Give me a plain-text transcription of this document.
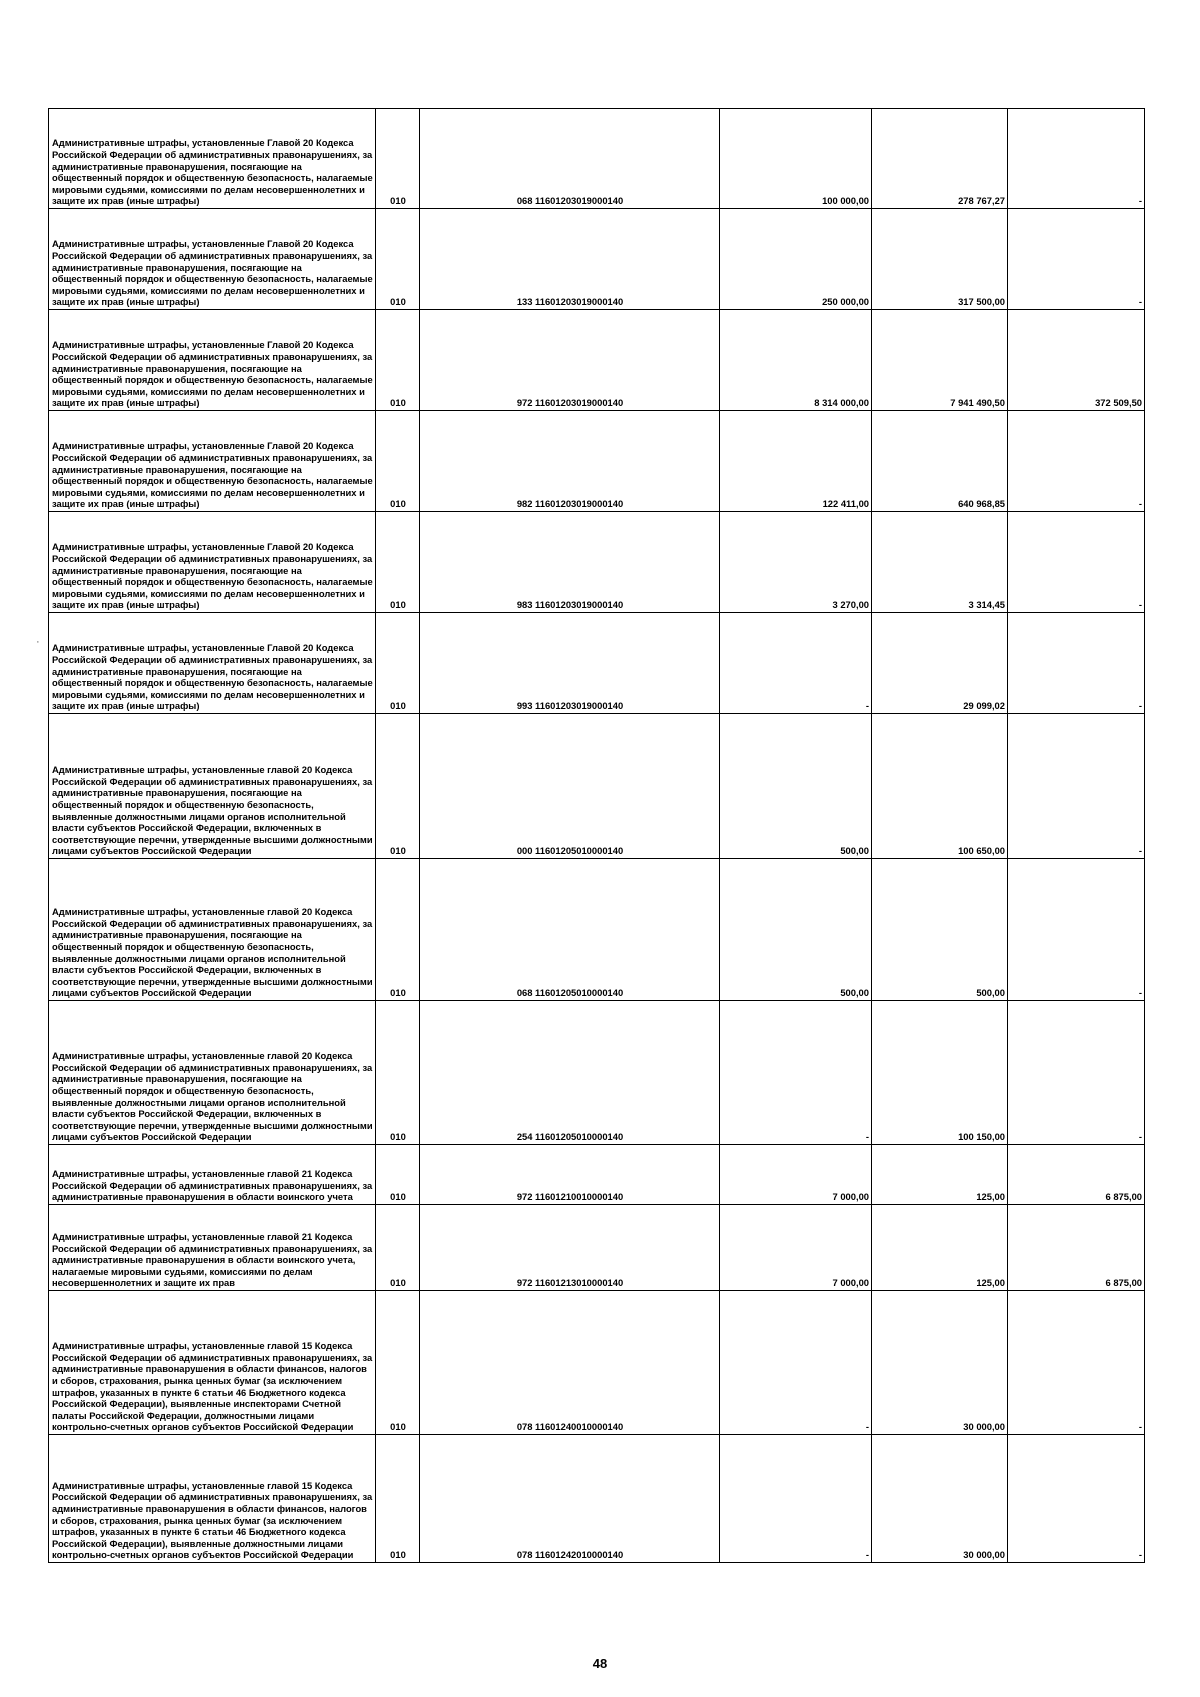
·
Административные штрафы, установленные Главой 20 Кодекса Российской Федерации об административных правонарушениях, за административные правонарушения, посягающие на общественный порядок и общественную безопасность, налагаемые мировыми судьями, комиссиями по делам несовершеннолетних и защите их прав (иные штрафы)	010	068 11601203019000140	100 000,00	278 767,27	-
Административные штрафы, установленные Главой 20 Кодекса Российской Федерации об административных правонарушениях, за административные правонарушения, посягающие на общественный порядок и общественную безопасность, налагаемые мировыми судьями, комиссиями по делам несовершеннолетних и защите их прав (иные штрафы)	010	133 11601203019000140	250 000,00	317 500,00	-
Административные штрафы, установленные Главой 20 Кодекса Российской Федерации об административных правонарушениях, за административные правонарушения, посягающие на общественный порядок и общественную безопасность, налагаемые мировыми судьями, комиссиями по делам несовершеннолетних и защите их прав (иные штрафы)	010	972 11601203019000140	8 314 000,00	7 941 490,50	372 509,50
Административные штрафы, установленные Главой 20 Кодекса Российской Федерации об административных правонарушениях, за административные правонарушения, посягающие на общественный порядок и общественную безопасность, налагаемые мировыми судьями, комиссиями по делам несовершеннолетних и защите их прав (иные штрафы)	010	982 11601203019000140	122 411,00	640 968,85	-
Административные штрафы, установленные Главой 20 Кодекса Российской Федерации об административных правонарушениях, за административные правонарушения, посягающие на общественный порядок и общественную безопасность, налагаемые мировыми судьями, комиссиями по делам несовершеннолетних и защите их прав (иные штрафы)	010	983 11601203019000140	3 270,00	3 314,45	-
Административные штрафы, установленные Главой 20 Кодекса Российской Федерации об административных правонарушениях, за административные правонарушения, посягающие на общественный порядок и общественную безопасность, налагаемые мировыми судьями, комиссиями по делам несовершеннолетних и защите их прав (иные штрафы)	010	993 11601203019000140	-	29 099,02	-
Административные штрафы, установленные главой 20 Кодекса Российской Федерации об административных правонарушениях, за административные правонарушения, посягающие на общественный порядок и общественную безопасность, выявленные должностными лицами органов исполнительной власти субъектов Российской Федерации, включенных в соответствующие перечни, утвержденные высшими должностными лицами субъектов Российской Федерации	010	000 11601205010000140	500,00	100 650,00	-
Административные штрафы, установленные главой 20 Кодекса Российской Федерации об административных правонарушениях, за административные правонарушения, посягающие на общественный порядок и общественную безопасность, выявленные должностными лицами органов исполнительной власти субъектов Российской Федерации, включенных в соответствующие перечни, утвержденные высшими должностными лицами субъектов Российской Федерации	010	068 11601205010000140	500,00	500,00	-
Административные штрафы, установленные главой 20 Кодекса Российской Федерации об административных правонарушениях, за административные правонарушения, посягающие на общественный порядок и общественную безопасность, выявленные должностными лицами органов исполнительной власти субъектов Российской Федерации, включенных в соответствующие перечни, утвержденные высшими должностными лицами субъектов Российской Федерации	010	254 11601205010000140	-	100 150,00	-
Административные штрафы, установленные главой 21 Кодекса Российской Федерации об административных правонарушениях, за административные правонарушения в области воинского учета	010	972 11601210010000140	7 000,00	125,00	6 875,00
Административные штрафы, установленные главой 21 Кодекса Российской Федерации об административных правонарушениях, за административные правонарушения в области воинского учета, налагаемые мировыми судьями, комиссиями по делам несовершеннолетних и защите их прав	010	972 11601213010000140	7 000,00	125,00	6 875,00
Административные штрафы, установленные главой 15 Кодекса Российской Федерации об административных правонарушениях, за административные правонарушения в области финансов, налогов и сборов, страхования, рынка ценных бумаг (за исключением штрафов, указанных в пункте 6 статьи 46 Бюджетного кодекса Российской Федерации), выявленные инспекторами Счетной палаты Российской Федерации, должностными лицами контрольно-счетных органов субъектов Российской Федерации	010	078 11601240010000140	-	30 000,00	-
Административные штрафы, установленные главой 15 Кодекса Российской Федерации об административных правонарушениях, за административные правонарушения в области финансов, налогов и сборов, страхования, рынка ценных бумаг (за исключением штрафов, указанных в пункте 6 статьи 46 Бюджетного кодекса Российской Федерации), выявленные должностными лицами контрольно-счетных органов субъектов Российской Федерации	010	078 11601242010000140	-	30 000,00	-
48
